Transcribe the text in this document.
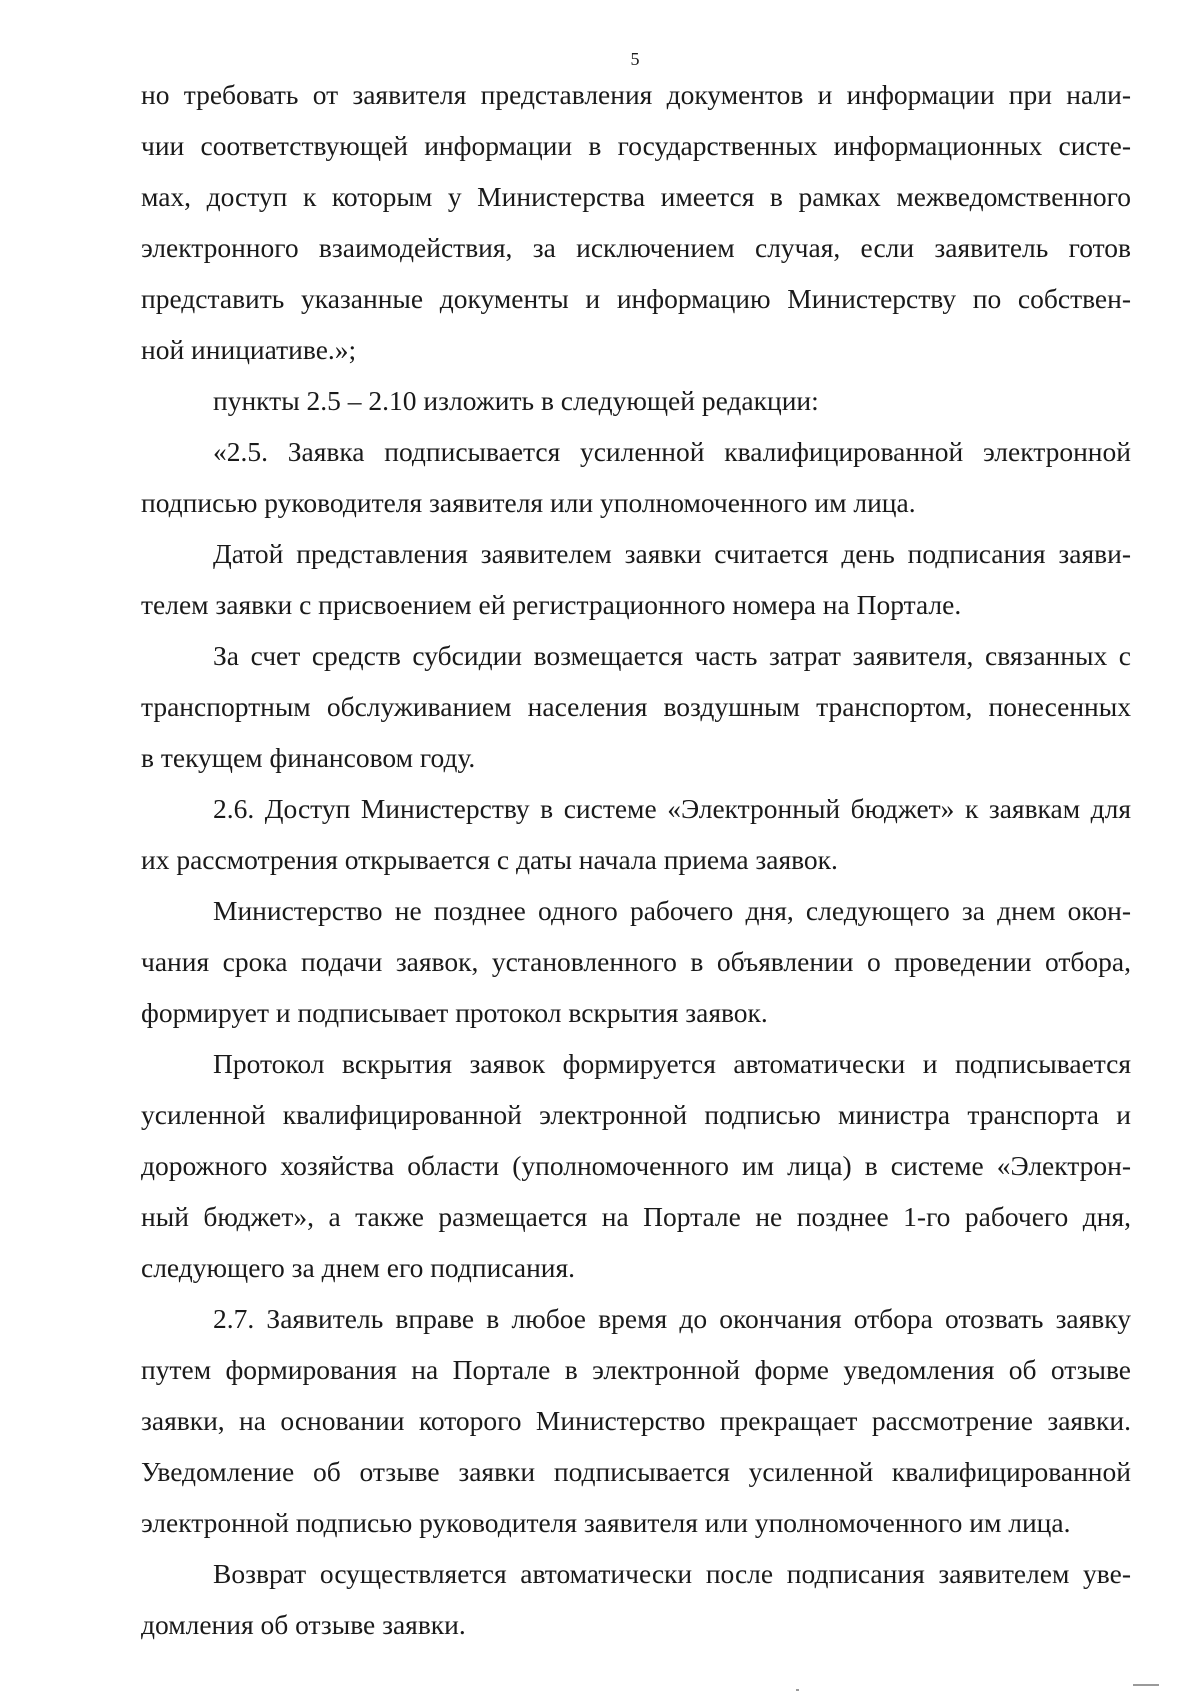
5
но требовать от заявителя представления документов и информации при нали-
чии соответствующей информации в государственных информационных систе-
мах, доступ к которым у Министерства имеется в рамках межведомственного
электронного взаимодействия, за исключением случая, если заявитель готов
представить указанные документы и информацию Министерству по собствен-
ной инициативе.»;
пункты 2.5 – 2.10 изложить в следующей редакции:
«2.5. Заявка подписывается усиленной квалифицированной электронной
подписью руководителя заявителя или уполномоченного им лица.
Датой представления заявителем заявки считается день подписания заяви-
телем заявки с присвоением ей регистрационного номера на Портале.
За счет средств субсидии возмещается часть затрат заявителя, связанных с
транспортным обслуживанием населения воздушным транспортом, понесенных
в текущем финансовом году.
2.6. Доступ Министерству в системе «Электронный бюджет» к заявкам для
их рассмотрения открывается с даты начала приема заявок.
Министерство не позднее одного рабочего дня, следующего за днем окон-
чания срока подачи заявок, установленного в объявлении о проведении отбора,
формирует и подписывает протокол вскрытия заявок.
Протокол вскрытия заявок формируется автоматически и подписывается
усиленной квалифицированной электронной подписью министра транспорта и
дорожного хозяйства области (уполномоченного им лица) в системе «Электрон-
ный бюджет», а также размещается на Портале не позднее 1-го рабочего дня,
следующего за днем его подписания.
2.7. Заявитель вправе в любое время до окончания отбора отозвать заявку
путем формирования на Портале в электронной форме уведомления об отзыве
заявки, на основании которого Министерство прекращает рассмотрение заявки.
Уведомление об отзыве заявки подписывается усиленной квалифицированной
электронной подписью руководителя заявителя или уполномоченного им лица.
Возврат осуществляется автоматически после подписания заявителем уве-
домления об отзыве заявки.
